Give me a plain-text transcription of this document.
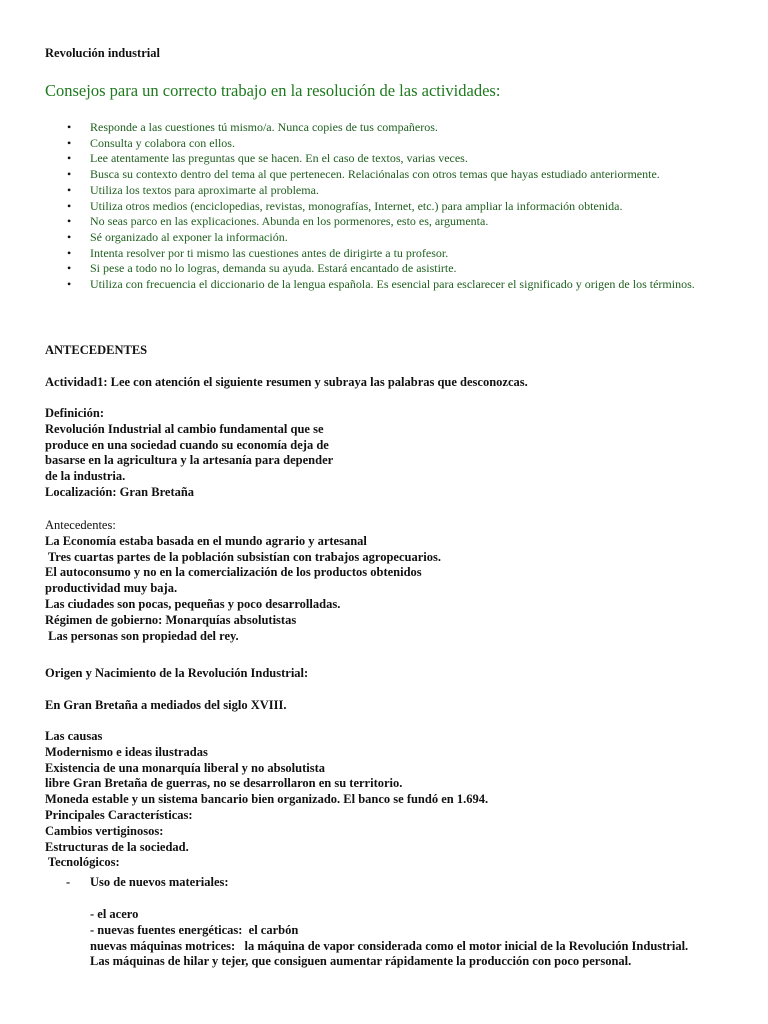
Revolución industrial

Consejos para un correcto trabajo en la resolución de las actividades:

• Responde a las cuestiones tú mismo/a. Nunca copies de tus compañeros.
• Consulta y colabora con ellos.
• Lee atentamente las preguntas que se hacen. En el caso de textos, varias veces.
• Busca su contexto dentro del tema al que pertenecen. Relaciónalas con otros temas que hayas estudiado anteriormente.
• Utiliza los textos para aproximarte al problema.
• Utiliza otros medios (enciclopedias, revistas, monografías, Internet, etc.) para ampliar la información obtenida.
• No seas parco en las explicaciones. Abunda en los pormenores, esto es, argumenta.
• Sé organizado al exponer la información.
• Intenta resolver por ti mismo las cuestiones antes de dirigirte a tu profesor.
• Si pese a todo no lo logras, demanda su ayuda. Estará encantado de asistirte.
• Utiliza con frecuencia el diccionario de la lengua española. Es esencial para esclarecer el significado y origen de los términos.

ANTECEDENTES

Actividad1: Lee con atención el siguiente resumen y subraya las palabras que desconozcas.

Definición:
Revolución Industrial al cambio fundamental que se
produce en una sociedad cuando su economía deja de
basarse en la agricultura y la artesanía para depender
de la industria.
Localización: Gran Bretaña
Antecedentes:
La Economía estaba basada en el mundo agrario y artesanal
Tres cuartas partes de la población subsistían con trabajos agropecuarios.
El autoconsumo y no en la comercialización de los productos obtenidos
productividad muy baja.
Las ciudades son pocas, pequeñas y poco desarrolladas.
Régimen de gobierno: Monarquías absolutistas
Las personas son propiedad del rey.

Origen y Nacimiento de la Revolución Industrial:

En Gran Bretaña a mediados del siglo XVIII.

Las causas
Modernismo e ideas ilustradas
Existencia de una monarquía liberal y no absolutista
libre Gran Bretaña de guerras, no se desarrollaron en su territorio.
Moneda estable y un sistema bancario bien organizado. El banco se fundó en 1.694.
Principales Características:
Cambios vertiginosos:
Estructuras de la sociedad.
Tecnológicos:
- Uso de nuevos materiales:
- el acero
- nuevas fuentes energéticas:  el carbón
nuevas máquinas motrices:   la máquina de vapor considerada como el motor inicial de la Revolución Industrial.
Las máquinas de hilar y tejer, que consiguen aumentar rápidamente la producción con poco personal.
